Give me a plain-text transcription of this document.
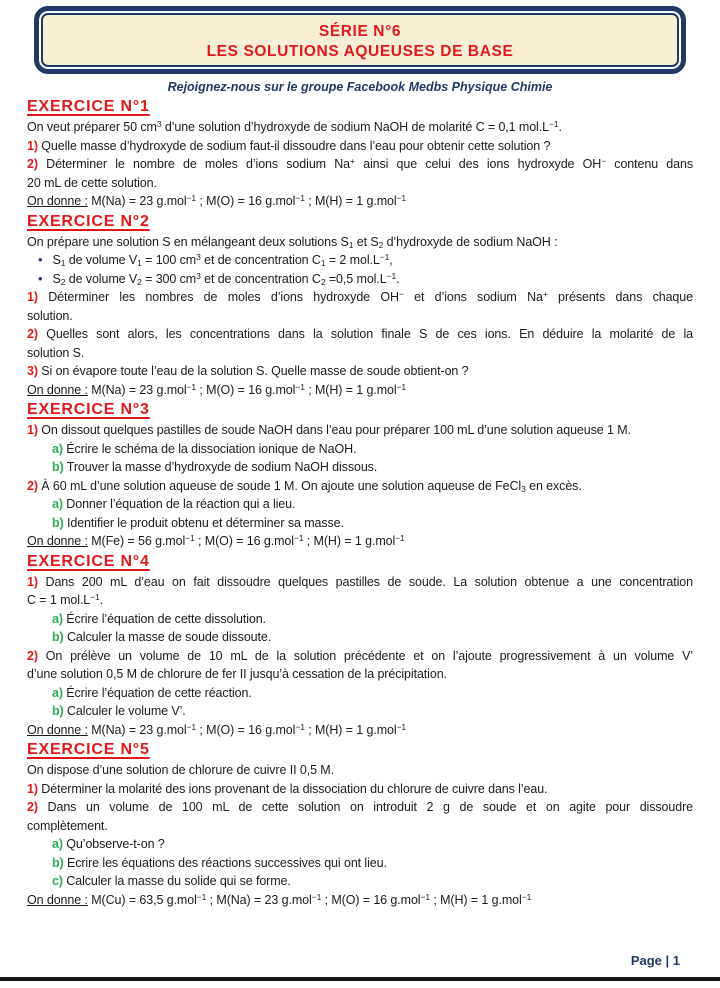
SÉRIE N°6
LES SOLUTIONS AQUEUSES DE BASE
Rejoignez-nous sur le groupe Facebook Medbs Physique Chimie
EXERCICE N°1
On veut préparer 50 $cm^3$ d’une solution d’hydroxyde de sodium NaOH de molarité C = 0,1 $mol.L^{-1}$.
1) Quelle masse d’hydroxyde de sodium faut-il dissoudre dans l’eau pour obtenir cette solution ?
2) Déterminer le nombre de moles d’ions sodium Na+ ainsi que celui des ions hydroxyde OH− contenu dans
20 mL de cette solution.
On donne : M(Na) = 23 g.mol$^{-1}$ ; M(O) = 16 g.mol$^{-1}$ ; M(H) = 1 g.mol$^{-1}$
EXERCICE N°2
On prépare une solution S en mélangeant deux solutions $S_1$ et $S_2$ d’hydroxyde de sodium NaOH :
• $S_1$ de volume $V_1 = 100$ $cm^3$ et de concentration $C_1 = 2$ $mol.L^{-1}$,
• $S_2$ de volume $V_2 = 300$ $cm^3$ et de concentration $C_2 =0,5$ $mol.L^{-1}$.
1) Déterminer les nombres de moles d’ions hydroxyde OH− et d’ions sodium Na+ présents dans chaque
solution.
2) Quelles sont alors, les concentrations dans la solution finale S de ces ions. En déduire la molarité de la
solution S.
3) Si on évapore toute l’eau de la solution S. Quelle masse de soude obtient-on ?
On donne : M(Na) = 23 g.mol$^{-1}$ ; M(O) = 16 g.mol$^{-1}$ ; M(H) = 1 g.mol$^{-1}$
EXERCICE N°3
1) On dissout quelques pastilles de soude NaOH dans l’eau pour préparer 100 mL d’une solution aqueuse 1 M.
a) Écrire le schéma de la dissociation ionique de NaOH.
b) Trouver la masse d’hydroxyde de sodium NaOH dissous.
2) À 60 mL d’une solution aqueuse de soude 1 M. On ajoute une solution aqueuse de FeCl$_3$ en excès.
a) Donner l’équation de la réaction qui a lieu.
b) Identifier le produit obtenu et déterminer sa masse.
On donne : M(Fe) = 56 g.mol$^{-1}$ ; M(O) = 16 g.mol$^{-1}$ ; M(H) = 1 g.mol$^{-1}$
EXERCICE N°4
1) Dans 200 mL d’eau on fait dissoudre quelques pastilles de soude. La solution obtenue a une concentration
C = 1 $mol.L^{-1}$.
a) Écrire l’équation de cette dissolution.
b) Calculer la masse de soude dissoute.
2) On prélève un volume de 10 mL de la solution précédente et on l’ajoute progressivement à un volume V’
d’une solution 0,5 M de chlorure de fer II jusqu’à cessation de la précipitation.
a) Écrire l’équation de cette réaction.
b) Calculer le volume V’.
On donne : M(Na) = 23 g.mol$^{-1}$ ; M(O) = 16 g.mol$^{-1}$ ; M(H) = 1 g.mol$^{-1}$
EXERCICE N°5
On dispose d’une solution de chlorure de cuivre II 0,5 M.
1) Déterminer la molarité des ions provenant de la dissociation du chlorure de cuivre dans l’eau.
2) Dans un volume de 100 mL de cette solution on introduit 2 g de soude et on agite pour dissoudre
complètement.
a) Qu’observe-t-on ?
b) Ecrire les équations des réactions successives qui ont lieu.
c) Calculer la masse du solide qui se forme.
On donne : M(Cu) = 63,5 g.mol$^{-1}$ ; M(Na) = 23 g.mol$^{-1}$ ; M(O) = 16 g.mol$^{-1}$ ; M(H) = 1 g.mol$^{-1}$
Page | 1
